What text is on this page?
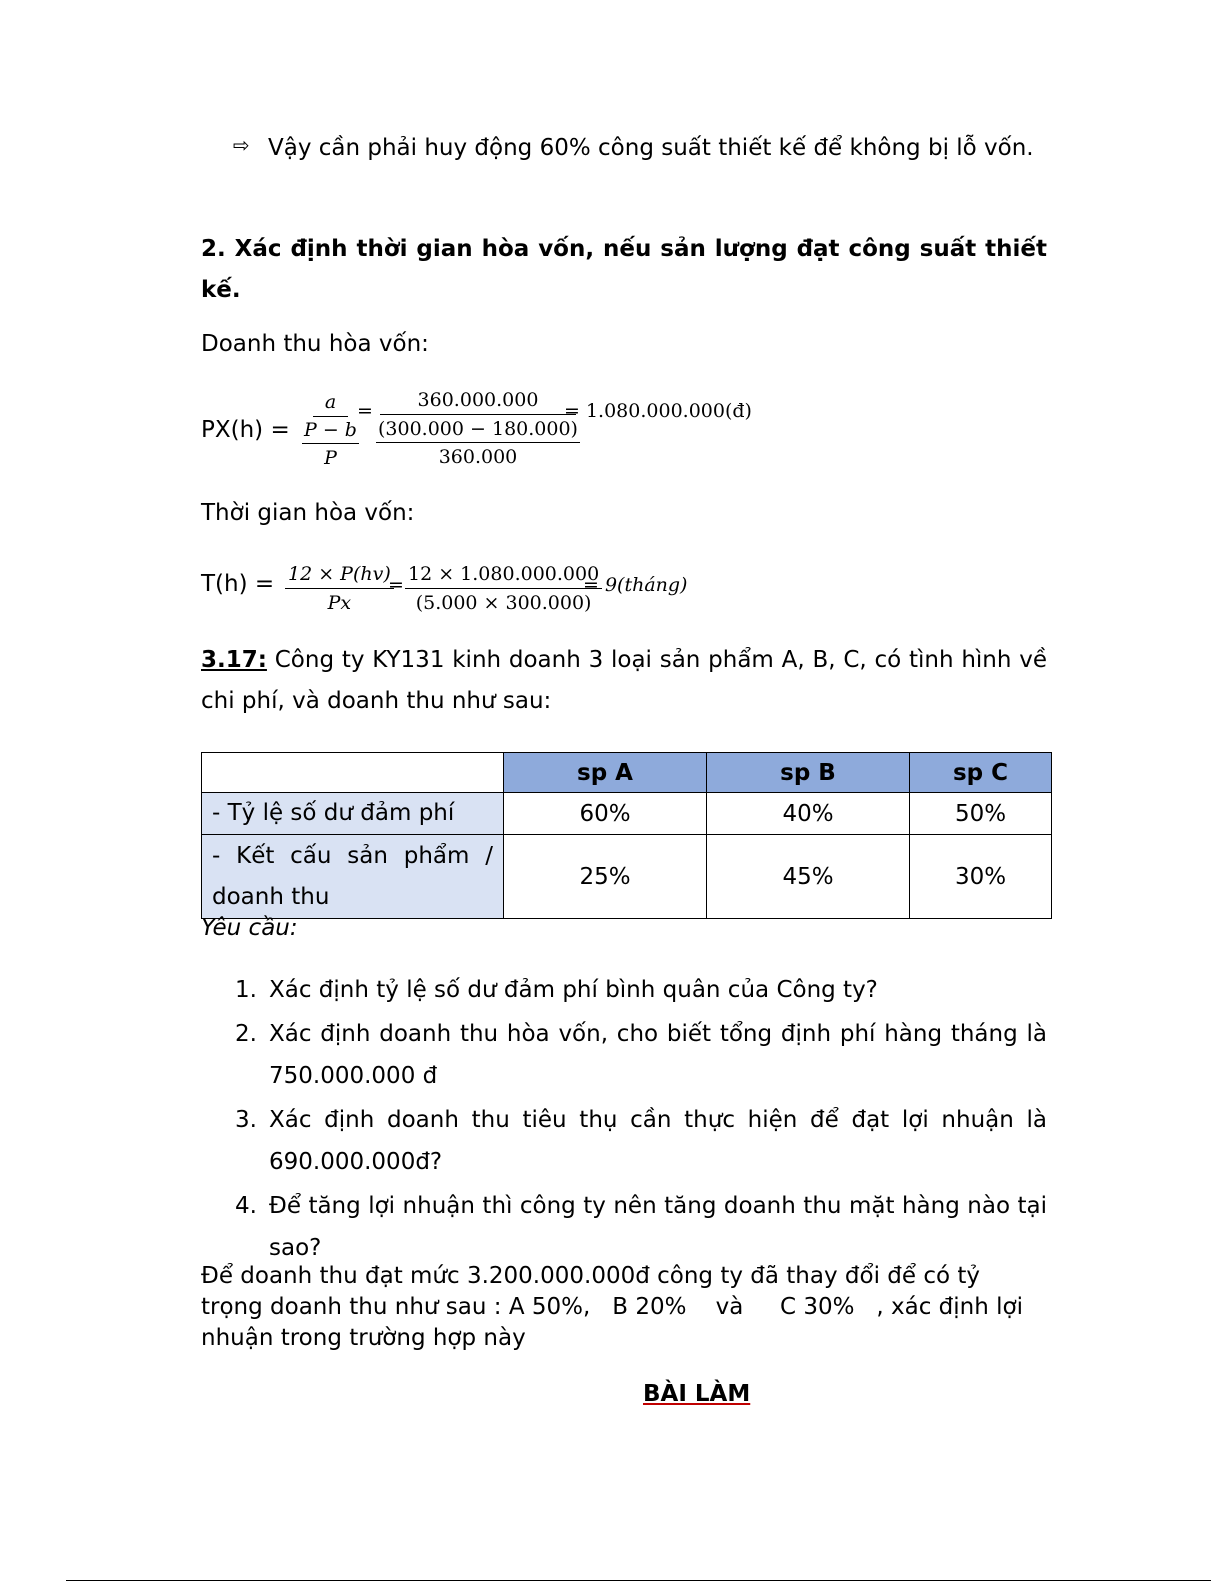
⇨ Vậy cần phải huy động 60% công suất thiết kế để không bị lỗ vốn.
2. Xác định thời gian hòa vốn, nếu sản lượng đạt công suất thiết kế.
Doanh thu hòa vốn:
PX(h) = a
P − b
P
= 360.000.000
(300.000 − 180.000)
360.000
= 1.080.000.000(đ)
Thời gian hòa vốn:
$T(h) = \frac{12 \times P(hv)}{Px}$
= $\frac{12 \times 1.080.000.000}{(5.000 \times 300.000)}$
= 9(tháng)
3.17: Công ty KY131 kinh doanh 3 loại sản phẩm A, B, C, có tình hình về chi phí, và doanh thu như sau:
	sp A	sp B	sp C
- Tỷ lệ số dư đảm phí	60%	40%	50%

- Kết cấu sản phẩm /
doanh thu	25%	45%	30%
Yêu cầu:
1. Xác định tỷ lệ số dư đảm phí bình quân của Công ty?
2. Xác định doanh thu hòa vốn, cho biết tổng định phí hàng tháng là 750.000.000 đ
3. Xác định doanh thu tiêu thụ cần thực hiện để đạt lợi nhuận là 690.000.000đ?
4. Để tăng lợi nhuận thì công ty nên tăng doanh thu mặt hàng nào tại sao?
Để doanh thu đạt mức 3.200.000.000đ công ty đã thay đổi để có tỷ trọng doanh thu như sau : A 50%,   B 20%    và     C 30%   , xác định lợi nhuận trong trường hợp này
BÀI LÀM
